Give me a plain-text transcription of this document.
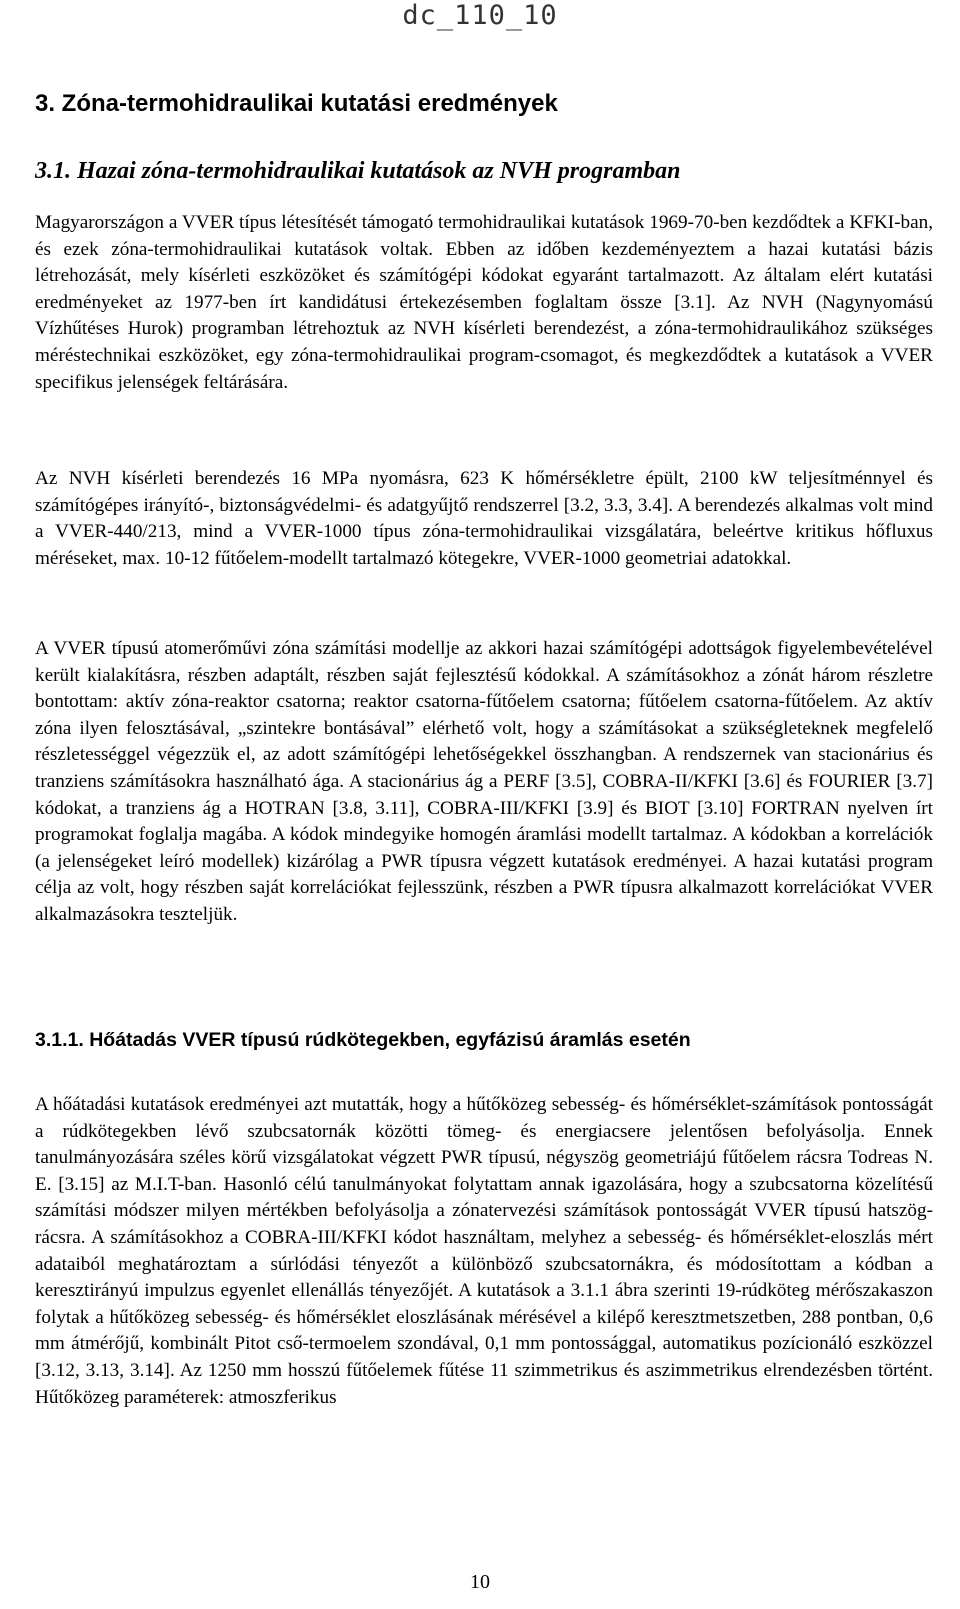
dc_110_10
3. Zóna-termohidraulikai kutatási eredmények
3.1. Hazai zóna-termohidraulikai kutatások az NVH programban

Magyarországon a VVER típus létesítését támogató termohidraulikai kutatások 1969-70-ben kezdődtek a KFKI-ban, és ezek zóna-termohidraulikai kutatások voltak. Ebben az időben kezdeményeztem a hazai kutatási bázis létrehozását, mely kísérleti eszközöket és számítógépi kódokat egyaránt tartalmazott. Az általam elért kutatási eredményeket az 1977-ben írt kandidátusi értekezésemben foglaltam össze [3.1]. Az NVH (Nagynyomású Vízhűtéses Hurok) programban létrehoztuk az NVH kísérleti berendezést, a zóna-termohidraulikához szükséges méréstechnikai eszközöket, egy zóna-termohidraulikai program-csomagot, és megkezdődtek a kutatások a VVER specifikus jelenségek feltárására.

Az NVH kísérleti berendezés 16 MPa nyomásra, 623 K hőmérsékletre épült, 2100 kW teljesítménnyel és számítógépes irányító-, biztonságvédelmi- és adatgyűjtő rendszerrel [3.2, 3.3, 3.4]. A berendezés alkalmas volt mind a VVER-440/213, mind a VVER-1000 típus zóna-termohidraulikai vizsgálatára, beleértve kritikus hőfluxus méréseket, max. 10-12 fűtőelem-modellt tartalmazó kötegekre, VVER-1000 geometriai adatokkal.

A VVER típusú atomerőművi zóna számítási modellje az akkori hazai számítógépi adottságok figyelembevételével került kialakításra, részben adaptált, részben saját fejlesztésű kódokkal. A számításokhoz a zónát három részletre bontottam: aktív zóna-reaktor csatorna; reaktor csatorna-fűtőelem csatorna; fűtőelem csatorna-fűtőelem. Az aktív zóna ilyen felosztásával, „szintekre bontásával” elérhető volt, hogy a számításokat a szükségleteknek megfelelő részletességgel végezzük el, az adott számítógépi lehetőségekkel összhangban. A rendszernek van stacionárius és tranziens számításokra használható ága. A stacionárius ág a PERF [3.5], COBRA-II/KFKI [3.6] és FOURIER [3.7] kódokat, a tranziens ág a HOTRAN [3.8, 3.11], COBRA-III/KFKI [3.9] és BIOT [3.10] FORTRAN nyelven írt programokat foglalja magába. A kódok mindegyike homogén áramlási modellt tartalmaz. A kódokban a korrelációk (a jelenségeket leíró modellek) kizárólag a PWR típusra végzett kutatások eredményei. A hazai kutatási program célja az volt, hogy részben saját korrelációkat fejlesszünk, részben a PWR típusra alkalmazott korrelációkat VVER alkalmazásokra teszteljük.

3.1.1. Hőátadás VVER típusú rúdkötegekben, egyfázisú áramlás esetén

A hőátadási kutatások eredményei azt mutatták, hogy a hűtőközeg sebesség- és hőmérséklet-számítások pontosságát a rúdkötegekben lévő szubcsatornák közötti tömeg- és energiacsere jelentősen befolyásolja. Ennek tanulmányozására széles körű vizsgálatokat végzett PWR típusú, négyszög geometriájú fűtőelem rácsra Todreas N. E. [3.15] az M.I.T-ban. Hasonló célú tanulmányokat folytattam annak igazolására, hogy a szubcsatorna közelítésű számítási módszer milyen mértékben befolyásolja a zónatervezési számítások pontosságát VVER típusú hatszög-rácsra. A számításokhoz a COBRA-III/KFKI kódot használtam, melyhez a sebesség- és hőmérséklet-eloszlás mért adataiból meghatároztam a súrlódási tényezőt a különböző szubcsatornákra, és módosítottam a kódban a keresztirányú impulzus egyenlet ellenállás tényezőjét. A kutatások a 3.1.1 ábra szerinti 19-rúdköteg mérőszakaszon folytak a hűtőközeg sebesség- és hőmérséklet eloszlásának mérésével a kilépő keresztmetszetben, 288 pontban, 0,6 mm átmérőjű, kombinált Pitot cső-termoelem szondával, 0,1 mm pontossággal, automatikus pozícionáló eszközzel [3.12, 3.13, 3.14]. Az 1250 mm hosszú fűtőelemek fűtése 11 szimmetrikus és aszimmetrikus elrendezésben történt. Hűtőközeg paraméterek: atmoszferikus

10
